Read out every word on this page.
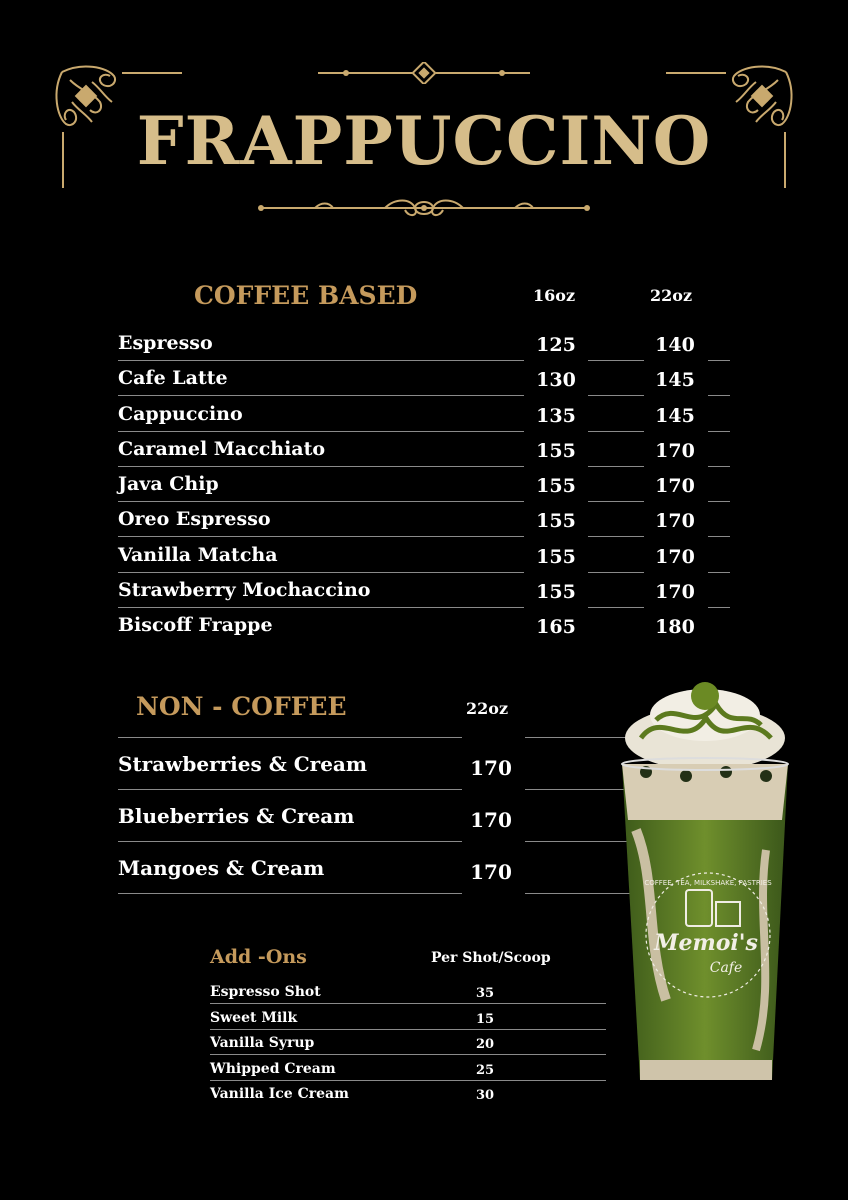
FRAPPUCCINO
COFFEE BASED	16oz	22oz
Espresso	125	140
Cafe Latte	130	145
Cappuccino	135	145
Caramel Macchiato	155	170
Java Chip	155	170
Oreo Espresso	155	170
Vanilla Matcha	155	170
Strawberry Mochaccino	155	170
Biscoff Frappe	165	180
NON - COFFEE	22oz
Strawberries & Cream	170
Blueberries & Cream	170
Mangoes & Cream	170
Add -Ons	Per Shot/Scoop
Espresso Shot	35
Sweet Milk	15
Vanilla Syrup	20
Whipped Cream	25
Vanilla Ice Cream	30
Memoi's
Cafe
COFFEE, TEA, MILKSHAKE, PASTRIES
